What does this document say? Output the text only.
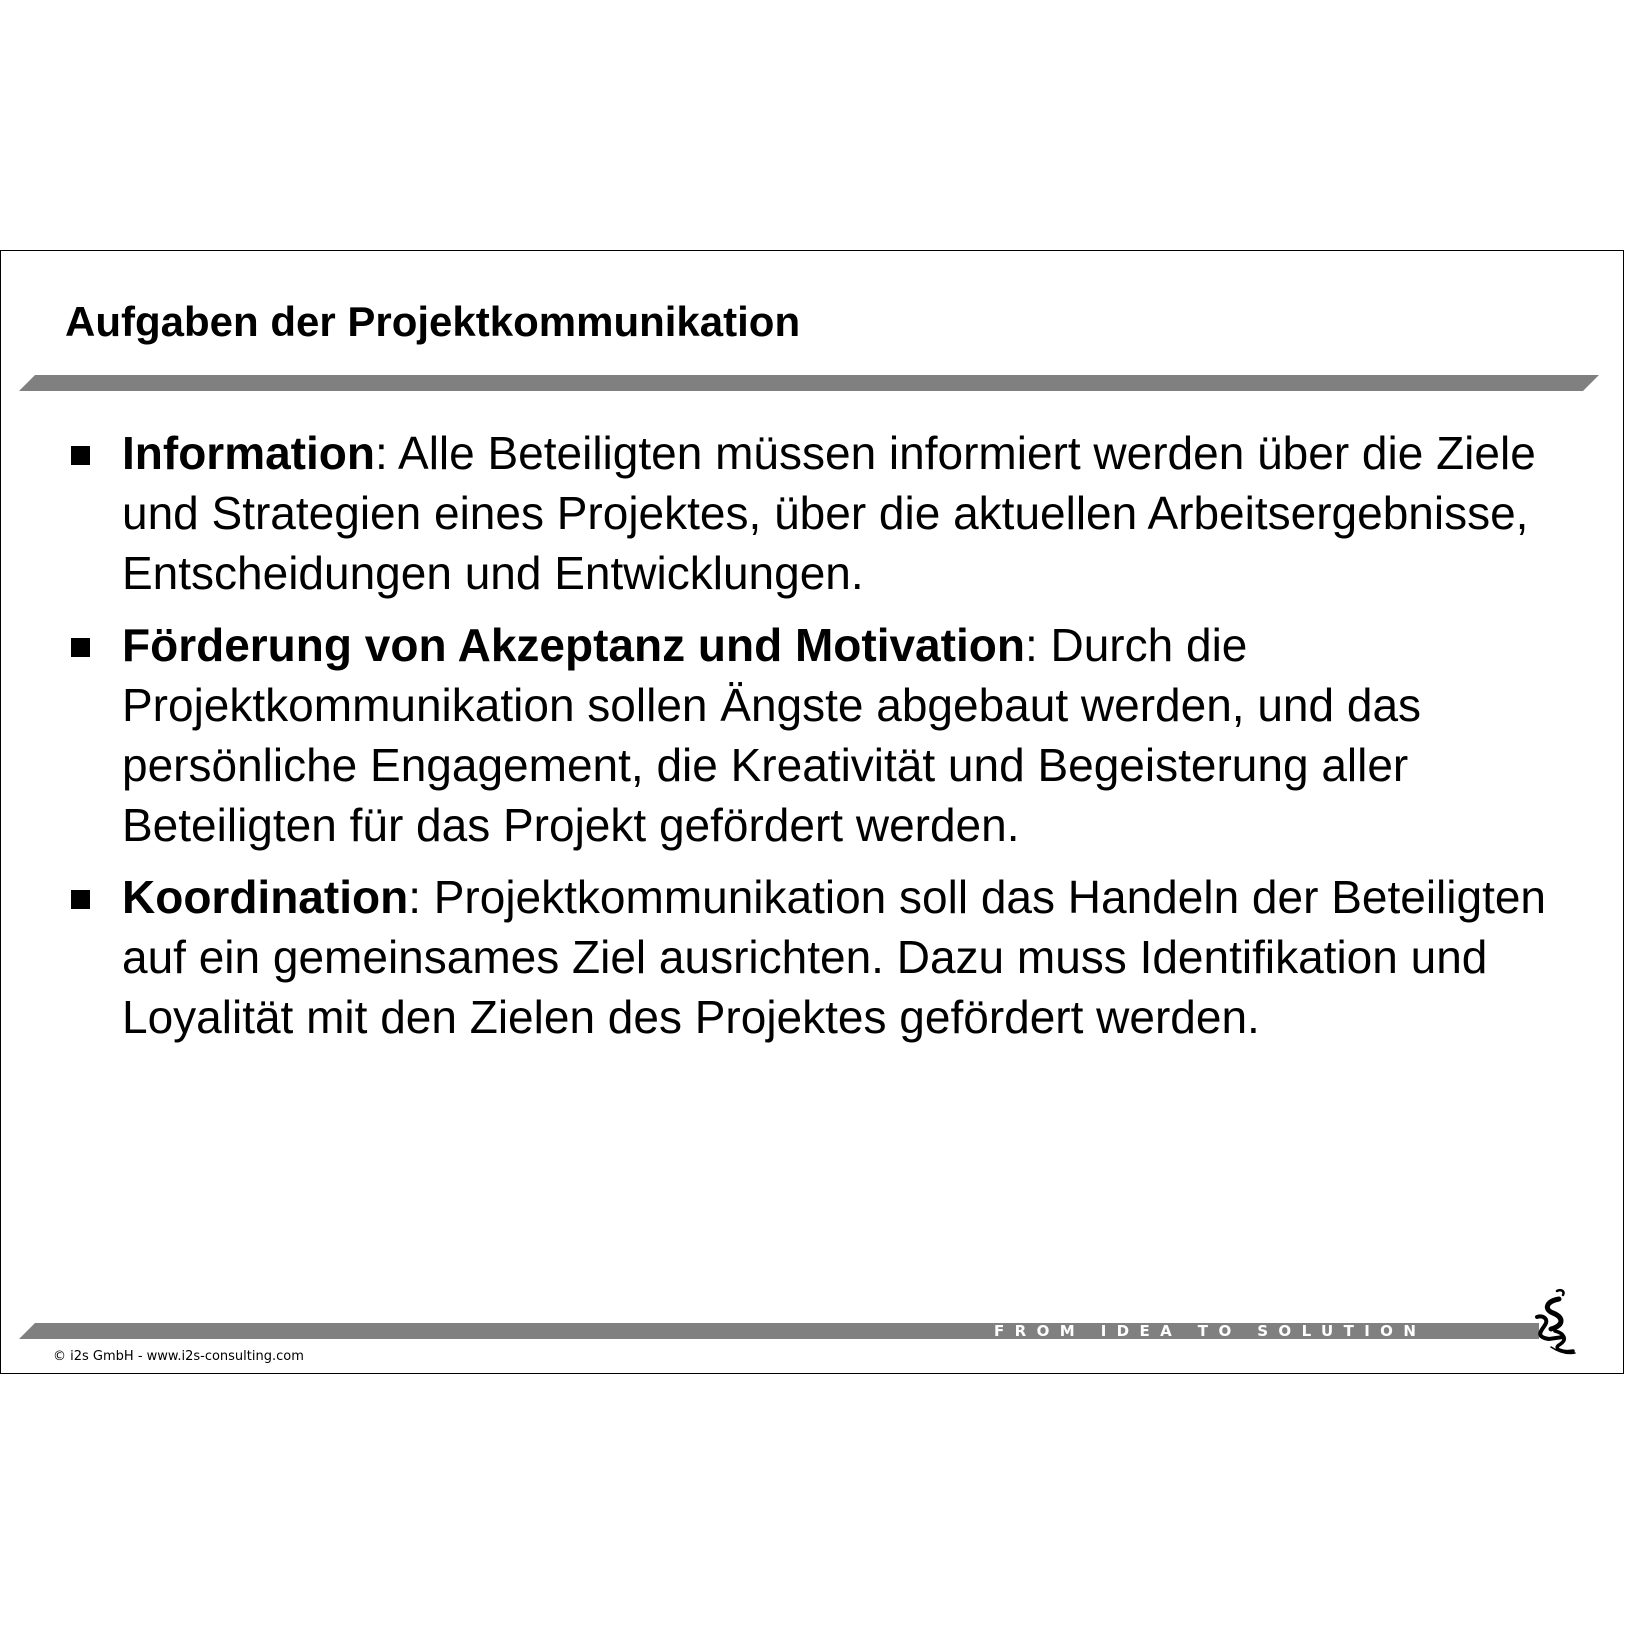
Aufgaben der Projektkommunikation
Information: Alle Beteiligten müssen informiert werden über die Ziele und Strategien eines Projektes, über die aktuellen Arbeitsergebnisse, Entscheidungen und Entwicklungen.
Förderung von Akzeptanz und Motivation: Durch die Projektkommunikation sollen Ängste abgebaut werden, und das persönliche Engagement, die Kreativität und Begeisterung aller Beteiligten für das Projekt gefördert werden.
Koordination: Projektkommunikation soll das Handeln der Beteiligten auf ein gemeinsames Ziel ausrichten. Dazu muss Identifikation und Loyalität mit den Zielen des Projektes gefördert werden.
FROM IDEA TO SOLUTION
© i2s GmbH - www.i2s-consulting.com
